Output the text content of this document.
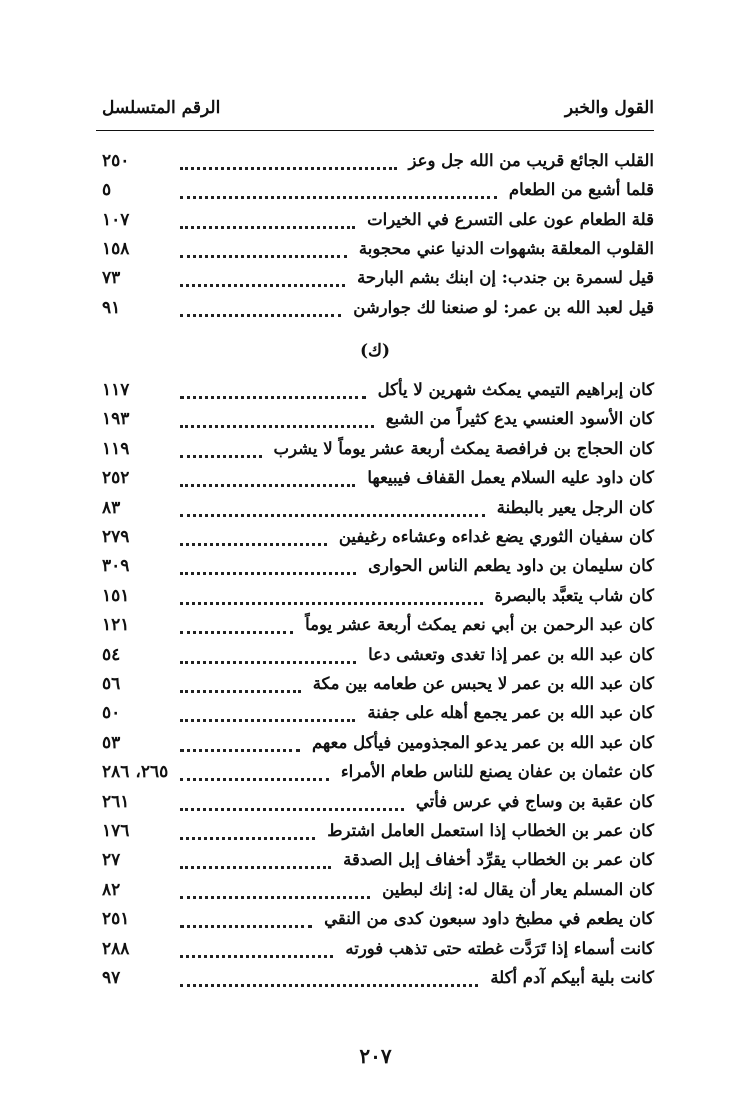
القول والخبر
الرقم المتسلسل
القلب الجائع قريب من الله جل وعز
٢٥٠
قلما أشبع من الطعام
٥
قلة الطعام عون على التسرع في الخيرات
١٠٧
القلوب المعلقة بشهوات الدنيا عني محجوبة
١٥٨
قيل لسمرة بن جندب: إن ابنك بشم البارحة
٧٣
قيل لعبد الله بن عمر: لو صنعنا لك جوارشن
٩١
كان إبراهيم التيمي يمكث شهرين لا يأكل
١١٧
كان الأسود العنسي يدع كثيراً من الشبع
١٩٣
كان الحجاج بن فرافصة يمكث أربعة عشر يوماً لا يشرب
١١٩
كان داود عليه السلام يعمل القفاف فيبيعها
٢٥٢
كان الرجل يعير بالبطنة
٨٣
كان سفيان الثوري يضع غداءه وعشاءه رغيفين
٢٧٩
كان سليمان بن داود يطعم الناس الحوارى
٣٠٩
كان شاب يتعبَّد بالبصرة
١٥١
كان عبد الرحمن بن أبي نعم يمكث أربعة عشر يوماً
١٢١
كان عبد الله بن عمر إذا تغدى وتعشى دعا
٥٤
كان عبد الله بن عمر لا يحبس عن طعامه بين مكة
٥٦
كان عبد الله بن عمر يجمع أهله على جفنة
٥٠
كان عبد الله بن عمر يدعو المجذومين فيأكل معهم
٥٣
كان عثمان بن عفان يصنع للناس طعام الأمراء
٢٦٥، ٢٨٦
كان عقبة بن وساج في عرس فأتي
٢٦١
كان عمر بن الخطاب إذا استعمل العامل اشترط
١٧٦
كان عمر بن الخطاب يقرِّد أخفاف إبل الصدقة
٢٧
كان المسلم يعار أن يقال له: إنك لبطين
٨٢
كان يطعم في مطبخ داود سبعون كدى من النقي
٢٥١
كانت أسماء إذا تَرَدَّت غطته حتى تذهب فورته
٢٨٨
كانت بلية أبيكم آدم أكلة
٩٧
(ك)
٢٠٧
